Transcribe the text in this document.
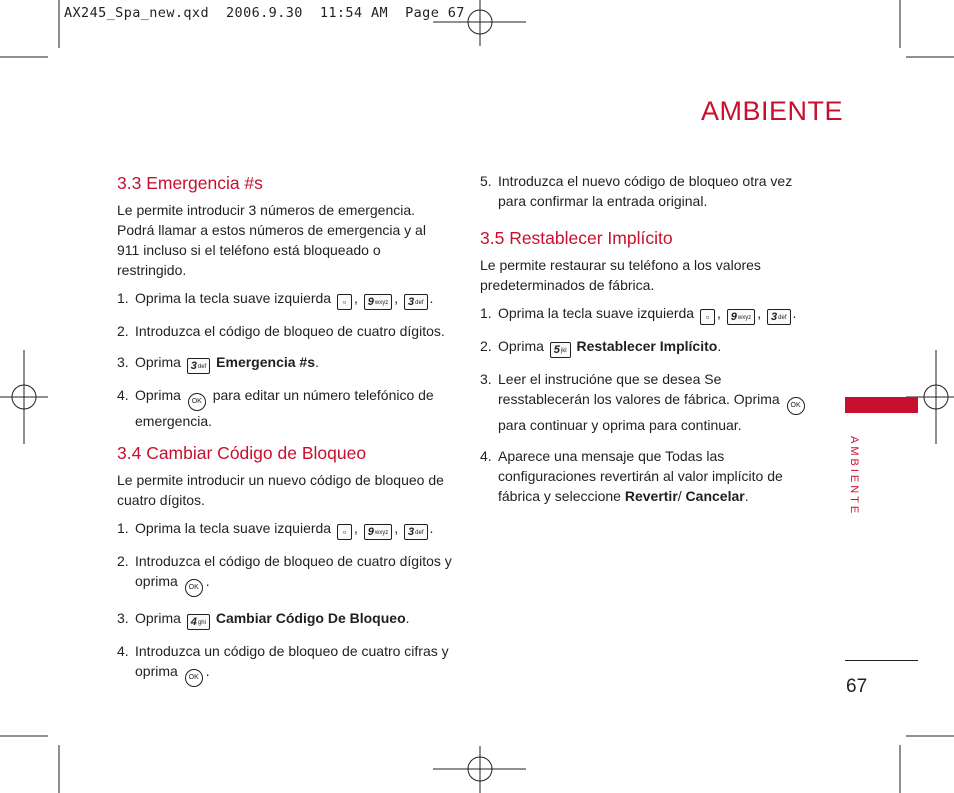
AX245_Spa_new.qxd  2006.9.30  11:54 AM  Page 67
AMBIENTE
AMBIENTE
67
3.3 Emergencia #s
Le permite introducir 3 números de emergencia. Podrá llamar a estos números de emergencia y al 911 incluso si el teléfono está bloqueado o restringido.
1. Oprima la tecla suave izquierda ▫ , 9wxyz , 3def .
2. Introduzca el código de bloqueo de cuatro dígitos.
3. Oprima 3def Emergencia #s.
4. Oprima OK para editar un número telefónico de emergencia.
3.4 Cambiar Código de Bloqueo
Le permite introducir un nuevo código de bloqueo de cuatro dígitos.
1. Oprima la tecla suave izquierda ▫ , 9wxyz , 3def .
2. Introduzca el código de bloqueo de cuatro dígitos y oprima OK .
3. Oprima 4ghi Cambiar Código De Bloqueo.
4. Introduzca un código de bloqueo de cuatro cifras y oprima OK .
5. Introduzca el nuevo código de bloqueo otra vez para confirmar la entrada original.
3.5 Restablecer Implícito
Le permite restaurar su teléfono a los valores predeterminados de fábrica.
1. Oprima la tecla suave izquierda ▫ , 9wxyz , 3def .
2. Oprima 5jkl Restablecer Implícito.
3. Leer el instrucióne que se desea Se resstablecerán los valores de fábrica. Oprima OK para continuar y oprima para continuar.
4. Aparece una mensaje que Todas las configuraciones revertirán al valor implícito de fábrica y seleccione Revertir/ Cancelar.
